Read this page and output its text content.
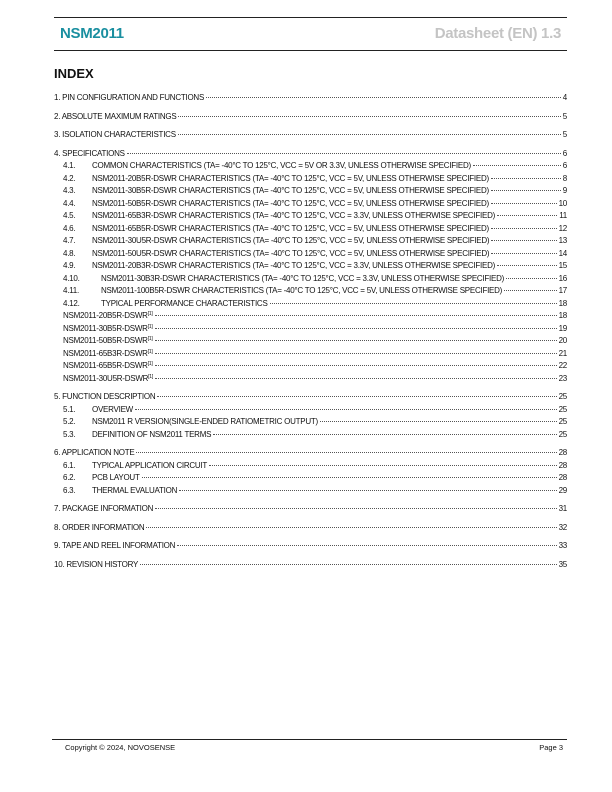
NSM2011	Datasheet (EN) 1.3
INDEX
1. PIN CONFIGURATION AND FUNCTIONS	4
2. ABSOLUTE MAXIMUM RATINGS	5
3. ISOLATION CHARACTERISTICS	5
4. SPECIFICATIONS	6
4.1.	COMMON CHARACTERISTICS (TA= -40°C TO 125°C, VCC = 5V OR 3.3V, UNLESS OTHERWISE SPECIFIED)	6
4.2.	NSM2011-20B5R-DSWR CHARACTERISTICS (TA= -40°C TO 125°C, VCC = 5V, UNLESS OTHERWISE SPECIFIED)	8
4.3.	NSM2011-30B5R-DSWR CHARACTERISTICS (TA= -40°C TO 125°C, VCC = 5V, UNLESS OTHERWISE SPECIFIED)	9
4.4.	NSM2011-50B5R-DSWR CHARACTERISTICS (TA= -40°C TO 125°C, VCC = 5V, UNLESS OTHERWISE SPECIFIED)	10
4.5.	NSM2011-65B3R-DSWR CHARACTERISTICS (TA= -40°C TO 125°C, VCC = 3.3V, UNLESS OTHERWISE SPECIFIED)	11
4.6.	NSM2011-65B5R-DSWR CHARACTERISTICS (TA= -40°C TO 125°C, VCC = 5V, UNLESS OTHERWISE SPECIFIED)	12
4.7.	NSM2011-30U5R-DSWR CHARACTERISTICS (TA= -40°C TO 125°C, VCC = 5V, UNLESS OTHERWISE SPECIFIED)	13
4.8.	NSM2011-50U5R-DSWR CHARACTERISTICS (TA= -40°C TO 125°C, VCC = 5V, UNLESS OTHERWISE SPECIFIED)	14
4.9.	NSM2011-20B3R-DSWR CHARACTERISTICS (TA= -40°C TO 125°C, VCC = 3.3V, UNLESS OTHERWISE SPECIFIED)	15
4.10.	NSM2011-30B3R-DSWR CHARACTERISTICS (TA= -40°C TO 125°C, VCC = 3.3V, UNLESS OTHERWISE SPECIFIED)	16
4.11.	NSM2011-100B5R-DSWR CHARACTERISTICS (TA= -40°C TO 125°C, VCC = 5V, UNLESS OTHERWISE SPECIFIED)	17
4.12.	TYPICAL PERFORMANCE CHARACTERISTICS	18
NSM2011-20B5R-DSWR[1]	18
NSM2011-30B5R-DSWR[1]	19
NSM2011-50B5R-DSWR[1]	20
NSM2011-65B3R-DSWR[1]	21
NSM2011-65B5R-DSWR[1]	22
NSM2011-30U5R-DSWR[1]	23
5. FUNCTION DESCRIPTION	25
5.1.	OVERVIEW	25
5.2.	NSM2011 R VERSION(SINGLE-ENDED RATIOMETRIC OUTPUT)	25
5.3.	DEFINITION OF NSM2011 TERMS	25
6. APPLICATION NOTE	28
6.1.	TYPICAL APPLICATION CIRCUIT	28
6.2.	PCB LAYOUT	28
6.3.	THERMAL EVALUATION	29
7. PACKAGE INFORMATION	31
8. ORDER INFORMATION	32
9. TAPE AND REEL INFORMATION	33
10. REVISION HISTORY	35
Copyright © 2024, NOVOSENSE	Page 3
